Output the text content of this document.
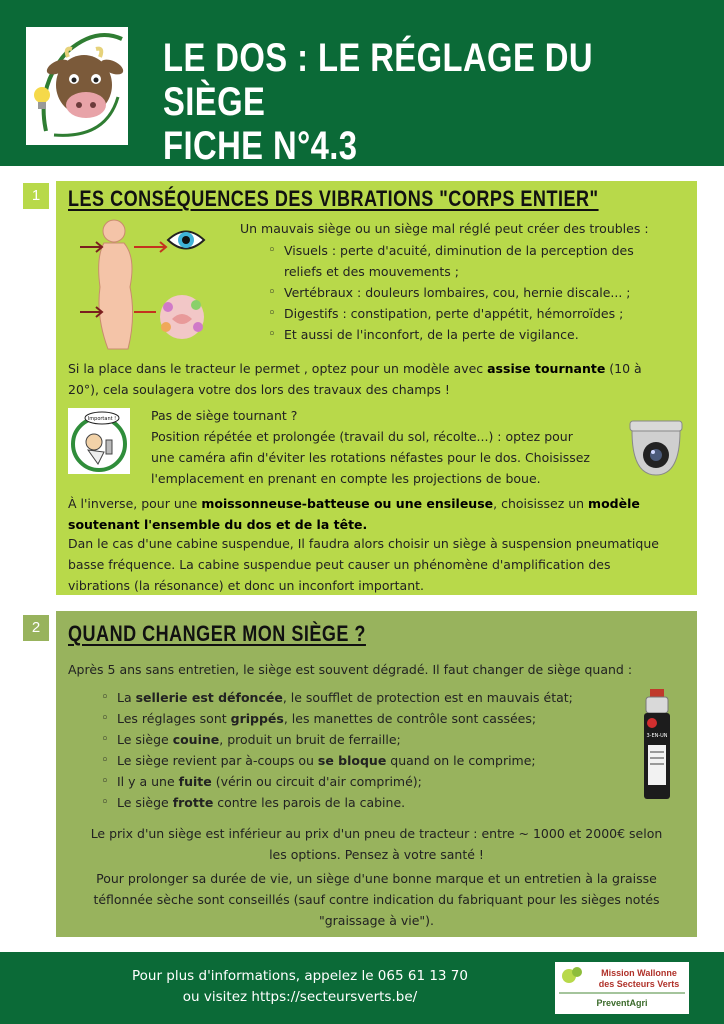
LE DOS : LE RÉGLAGE DU SIÈGE
FICHE N°4.3
1	LES CONSÉQUENCES DES VIBRATIONS "CORPS ENTIER"
Un mauvais siège ou un siège mal réglé peut créer des troubles :
◦ Visuels : perte d'acuité, diminution de la perception des
reliefs et des mouvements ;
◦ Vertébraux : douleurs lombaires, cou, hernie discale... ;
◦ Digestifs : constipation, perte d'appétit, hémorroïdes ;
◦ Et aussi de l'inconfort, de la perte de vigilance.
Si la place dans le tracteur le permet , optez pour un modèle avec assise tournante (10 à
20°), cela soulagera votre dos lors des travaux des champs !
Important !	Pas de siège tournant ?
Position répétée et prolongée (travail du sol, récolte...) : optez pour
une caméra afin d'éviter les rotations néfastes pour le dos. Choisissez
l'emplacement en prenant en compte les projections de boue.
À l'inverse, pour une moissonneuse-batteuse ou une ensileuse, choisissez un modèle
soutenant l'ensemble du dos et de la tête.
Dan le cas d'une cabine suspendue, Il faudra alors choisir un siège à suspension pneumatique
basse fréquence. La cabine suspendue peut causer un phénomène d'amplification des
vibrations (la résonance) et donc un inconfort important.
2	QUAND CHANGER MON SIÈGE ?
Après 5 ans sans entretien, le siège est souvent dégradé. Il faut changer de siège quand :
◦ La sellerie est défoncée, le soufflet de protection est en mauvais état;
◦ Les réglages sont grippés, les manettes de contrôle sont cassées;
◦ Le siège couine, produit un bruit de ferraille;
◦ Le siège revient par à-coups ou se bloque quand on le comprime;
◦ Il y a une fuite (vérin ou circuit d'air comprimé);
◦ Le siège frotte contre les parois de la cabine.
3-EN-UN
Le prix d'un siège est inférieur au prix d'un pneu de tracteur : entre ~ 1000 et 2000€ selon
les options. Pensez à votre santé !
Pour prolonger sa durée de vie, un siège d'une bonne marque et un entretien à la graisse
téflonnée sèche sont conseillés (sauf contre indication du fabriquant pour les sièges notés
"graissage à vie").
Pour plus d'informations, appelez le 065 61 13 70
ou visitez https://secteursverts.be/
Mission Wallonne
des Secteurs Verts
PreventAgri
